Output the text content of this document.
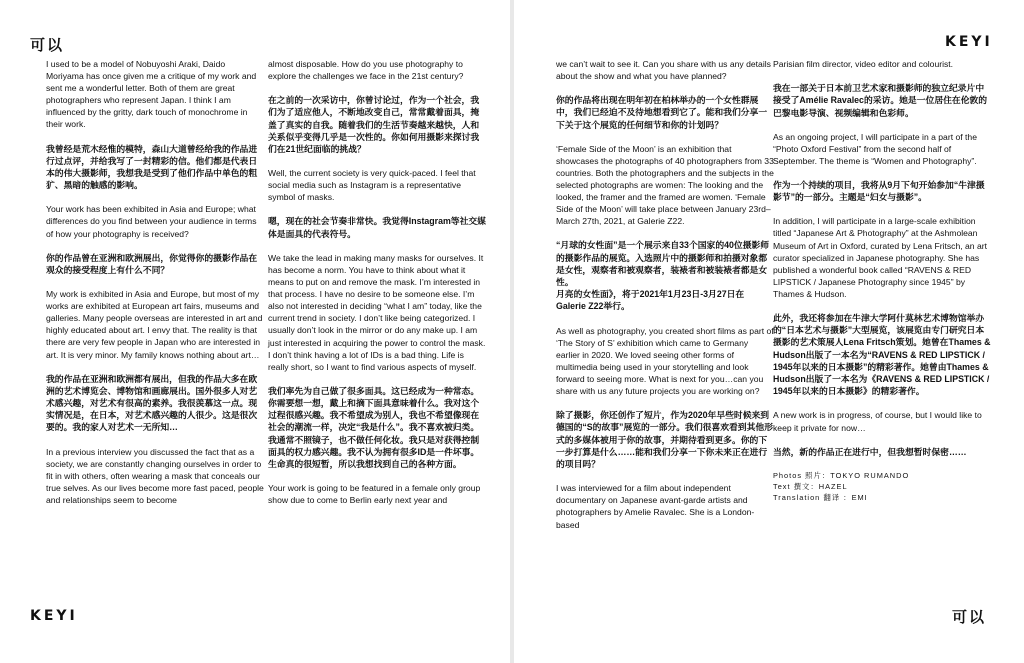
可以

I used to be a model of Nobuyoshi Araki, Daido Moriyama has once given me a critique of my work and sent me a wonderful letter. Both of them are great photographers who represent Japan. I think I am influenced by the gritty, dark touch of monochrome in their work.

我曾经是荒木经惟的模特，森山大道曾经给我的作品进行过点评，并给我写了一封精彩的信。他们都是代表日本的伟大摄影师，我想我是受到了他们作品中单色的粗犷、黑暗的触感的影响。

Your work has been exhibited in Asia and Europe; what differences do you find between your audience in terms of how your photography is received?

你的作品曾在亚洲和欧洲展出，你觉得你的摄影作品在观众的接受程度上有什么不同？

My work is exhibited in Asia and Europe, but most of my works are exhibited at European art fairs, museums and galleries. Many people overseas are interested in art and highly educated about art. I envy that. The reality is that there are very few people in Japan who are interested in art. It is very minor. My family knows nothing about art…

我的作品在亚洲和欧洲都有展出，但我的作品大多在欧洲的艺术博览会、博物馆和画廊展出。国外很多人对艺术感兴趣，对艺术有很高的素养。我很羡慕这一点。现实情况是，在日本，对艺术感兴趣的人很少。这是很次要的。我的家人对艺术一无所知…

In a previous interview you discussed the fact that as a society, we are constantly changing ourselves in order to fit in with others, often wearing a mask that conceals our true selves. As our lives become more fast paced, people and relationships seem to become

almost disposable. How do you use photography to explore the challenges we face in the 21st century?

在之前的一次采访中，你曾讨论过，作为一个社会，我们为了适应他人，不断地改变自己，常常戴着面具，掩盖了真实的自我。随着我们的生活节奏越来越快，人和关系似乎变得几乎是一次性的。你如何用摄影来探讨我们在21世纪面临的挑战？

Well, the current society is very quick-paced. I feel that social media such as Instagram is a representative symbol of masks.

嗯，现在的社会节奏非常快。我觉得Instagram等社交媒体是面具的代表符号。

We take the lead in making many masks for ourselves. It has become a norm. You have to think about what it means to put on and remove the mask. I’m interested in that process. I have no desire to be someone else. I’m also not interested in deciding “what I am” today, like the current trend in society. I don’t like being categorized. I usually don’t look in the mirror or do any make up. I am just interested in acquiring the power to control the mask. I don’t think having a lot of IDs is a bad thing. Life is really short, so I want to find various aspects of myself.

我们率先为自己做了很多面具。这已经成为一种常态。你需要想一想，戴上和摘下面具意味着什么。我对这个过程很感兴趣。我不希望成为别人，我也不希望像现在社会的潮流一样，决定“我是什么”。我不喜欢被归类。我通常不照镜子，也不做任何化妆。我只是对获得控制面具的权力感兴趣。我不认为拥有很多ID是一件坏事。生命真的很短暂，所以我想找到自己的各种方面。

Your work is going to be featured in a female only group show due to come to Berlin early next year and

KEYI
KEYI

we can’t wait to see it. Can you share with us any details about the show and what you have planned?

你的作品将出现在明年初在柏林举办的一个女性群展中，我们已经迫不及待地想看到它了。能和我们分享一下关于这个展览的任何细节和你的计划吗？

‘Female Side of the Moon’ is an exhibition that showcases the photographs of 40 photographers from 33 countries. Both the photographers and the subjects in the selected photographs are women: The looking and the looked, the framer and the framed are women. ‘Female Side of the Moon’ will take place between January 23rd–March 27th, 2021, at Galerie Z22.

“月球的女性面”是一个展示来自33个国家的40位摄影师的摄影作品的展览。入选照片中的摄影师和拍摄对象都是女性，观察者和被观察者，装裱者和被装裱者都是女性。
月亮的女性面》，将于2021年1月23日-3月27日在Galerie Z22举行。

As well as photography, you created short films as part of ‘The Story of S’ exhibition which came to Germany earlier in 2020. We loved seeing other forms of multimedia being used in your storytelling and look forward to seeing more. What is next for you…can you share with us any future projects you are working on?

除了摄影，你还创作了短片，作为2020年早些时候来到德国的“S的故事”展览的一部分。我们很喜欢看到其他形式的多媒体被用于你的故事，并期待看到更多。你的下一步打算是什么……能和我们分享一下你未来正在进行的项目吗？

I was interviewed for a film about independent documentary on Japanese avant-garde artists and photographers by Amelie Ravalec. She is a London-based

Parisian film director, video editor and colourist.

我在一部关于日本前卫艺术家和摄影师的独立纪录片中接受了Amélie Ravalec的采访。她是一位居住在伦敦的巴黎电影导演、视频编辑和色彩师。

As an ongoing project, I will participate in a part of the “Photo Oxford Festival” from the second half of September. The theme is “Women and Photography”.

作为一个持续的项目，我将从9月下旬开始参加“牛津摄影节”的一部分。主题是“妇女与摄影”。

In addition, I will participate in a large-scale exhibition titled “Japanese Art & Photography” at the Ashmolean Museum of Art in Oxford, curated by Lena Fritsch, an art curator specialized in Japanese photography. She has published a wonderful book called “RAVENS & RED LIPSTICK / Japanese Photography since 1945” by Thames & Hudson.

此外，我还将参加在牛津大学阿什莫林艺术博物馆举办的“日本艺术与摄影”大型展览，该展览由专门研究日本摄影的艺术策展人Lena Fritsch策划。她曾在Thames & Hudson出版了一本名为“RAVENS & RED LIPSTICK / 1945年以来的日本摄影”的精彩著作。她曾由Thames & Hudson出版了一本名为《RAVENS & RED LIPSTICK / 1945年以来的日本摄影》的精彩著作。

A new work is in progress, of course, but I would like to keep it private for now…

当然，新的作品正在进行中，但我想暂时保密……

Photos 照片：TOKYO RUMANDO
Text 撰文：HAZEL
Translation 翻译 ：EMI
可以
